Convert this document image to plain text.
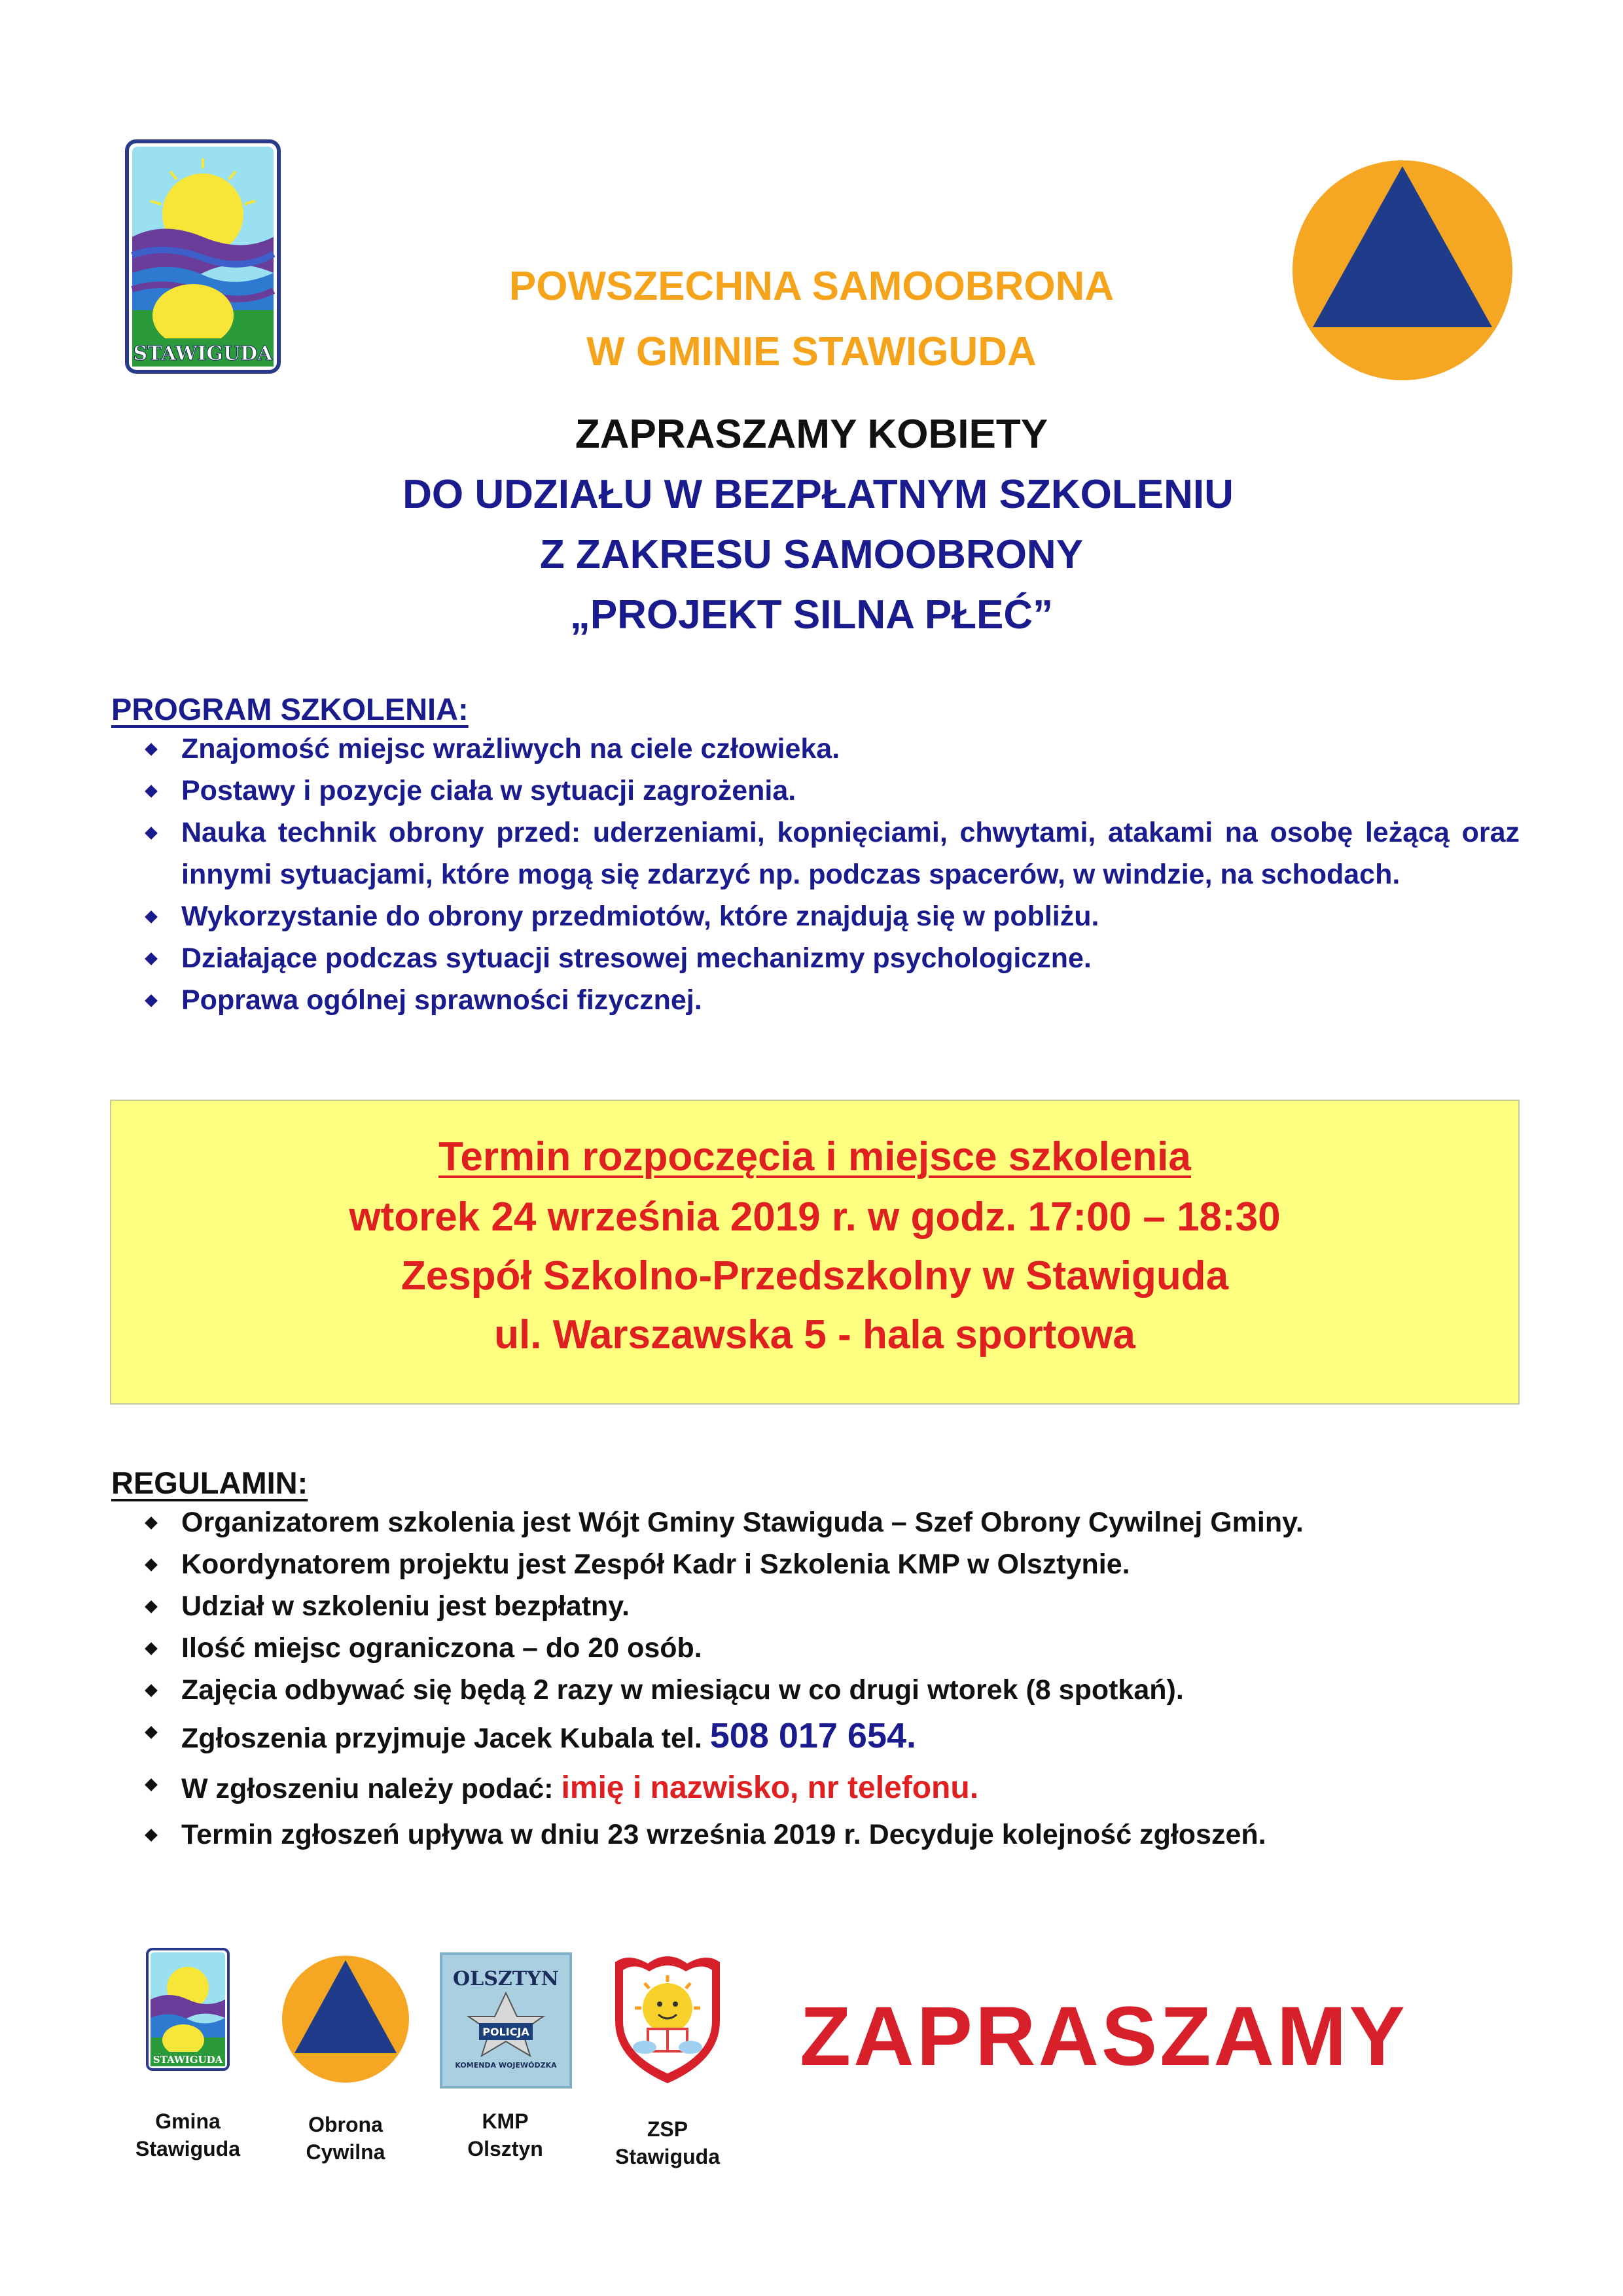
STAWIGUDA
POWSZECHNA SAMOOBRONA
W GMINIE STAWIGUDA
ZAPRASZAMY KOBIETY
DO UDZIAŁU W BEZPŁATNYM SZKOLENIU
Z ZAKRESU SAMOOBRONY
„PROJEKT SILNA PŁEĆ”
PROGRAM SZKOLENIA:
Znajomość miejsc wrażliwych na ciele człowieka.
Postawy i pozycje ciała w sytuacji zagrożenia.
Nauka technik obrony przed: uderzeniami, kopnięciami, chwytami, atakami na osobę leżącą oraz innymi sytuacjami, które mogą się zdarzyć np. podczas spacerów, w windzie, na schodach.
Wykorzystanie do obrony przedmiotów, które znajdują się w pobliżu.
Działające podczas sytuacji stresowej mechanizmy psychologiczne.
Poprawa ogólnej sprawności fizycznej.
Termin rozpoczęcia i miejsce szkolenia
wtorek 24 września 2019 r. w godz. 17:00 – 18:30
Zespół Szkolno-Przedszkolny w Stawiguda
ul. Warszawska 5 - hala sportowa
REGULAMIN:
Organizatorem szkolenia jest Wójt Gminy Stawiguda – Szef Obrony Cywilnej Gminy.
Koordynatorem projektu jest Zespół Kadr i Szkolenia KMP w Olsztynie.
Udział w szkoleniu jest bezpłatny.
Ilość miejsc ograniczona – do 20 osób.
Zajęcia odbywać się będą 2 razy w miesiącu w co drugi wtorek (8 spotkań).
Zgłoszenia przyjmuje Jacek Kubala tel. 508 017 654.
W zgłoszeniu należy podać: imię i nazwisko, nr telefonu.
Termin zgłoszeń upływa w dniu 23 września 2019 r. Decyduje kolejność zgłoszeń.
STAWIGUDA
Gmina
Stawiguda
Obrona
Cywilna
OLSZTYN
POLICJA
KOMENDA WOJEWÓDZKA
KMP
Olsztyn
ZSP
Stawiguda
ZAPRASZAMY
